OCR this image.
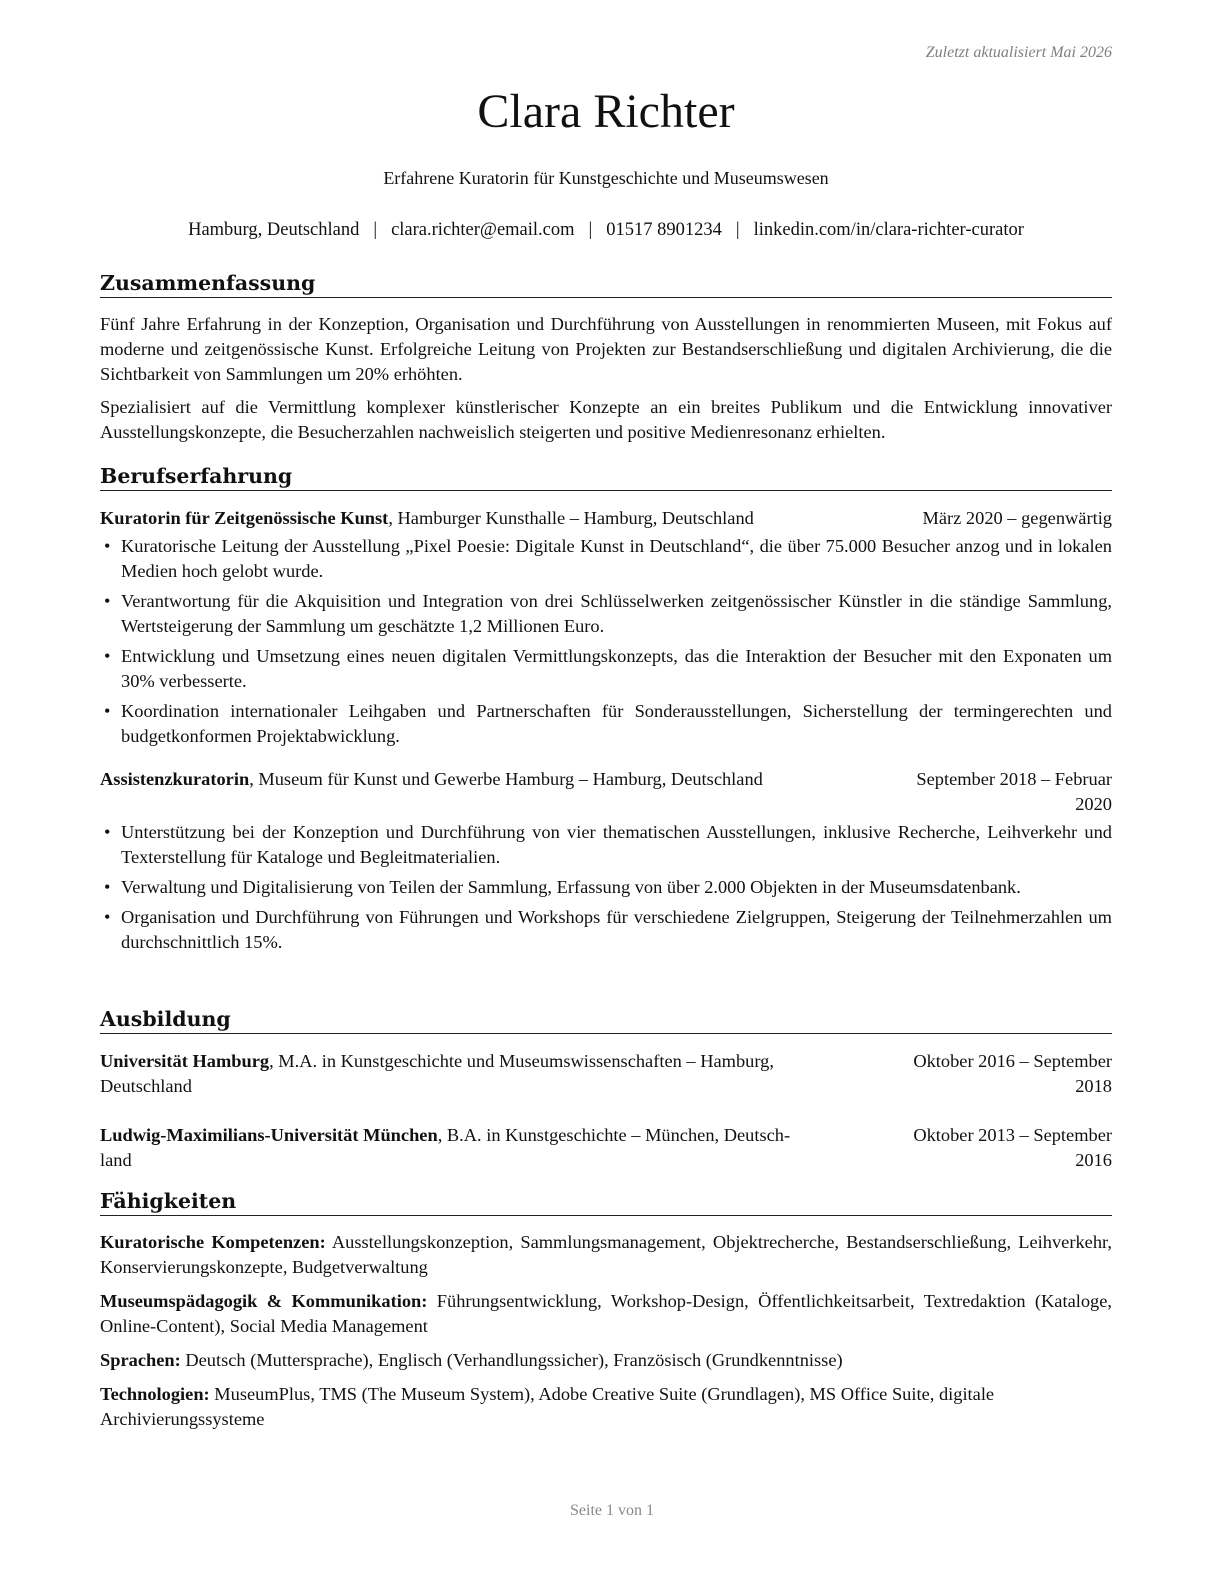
Zuletzt aktualisiert Mai 2026
Clara Richter
Erfahrene Kuratorin für Kunstgeschichte und Museumswesen
Hamburg, Deutschland | clara.richter@email.com | 01517 8901234 | linkedin.com/in/clara-richter-curator
Zusammenfassung

Fünf Jahre Erfahrung in der Konzeption, Organisation und Durchführung von Ausstellungen in renommierten Museen, mit Fokus auf moderne und zeitgenössische Kunst. Erfolgreiche Leitung von Projekten zur Bestandserschließung und digitalen Archivierung, die die Sichtbarkeit von Sammlungen um 20% erhöhten.

Spezialisiert auf die Vermittlung komplexer künstlerischer Konzepte an ein breites Publikum und die Entwicklung innovativer Ausstellungskonzepte, die Besucherzahlen nachweislich steigerten und positive Medienresonanz erhielten.

Berufserfahrung
Kuratorin für Zeitgenössische Kunst, Hamburger Kunsthalle – Hamburg, Deutschland	März 2020 – gegenwärtig
• Kuratorische Leitung der Ausstellung „Pixel Poesie: Digitale Kunst in Deutschland“, die über 75.000 Besucher anzog und in lokalen Medien hoch gelobt wurde.
• Verantwortung für die Akquisition und Integration von drei Schlüsselwerken zeitgenössischer Künstler in die ständige Sammlung, Wertsteigerung der Sammlung um geschätzte 1,2 Millionen Euro.
• Entwicklung und Umsetzung eines neuen digitalen Vermittlungskonzepts, das die Interaktion der Besucher mit den Exponaten um 30% verbesserte.
• Koordination internationaler Leihgaben und Partnerschaften für Sonderausstellungen, Sicherstellung der termingerechten und budgetkonformen Projektabwicklung.
Assistenzkuratorin, Museum für Kunst und Gewerbe Hamburg – Hamburg, Deutschland	September 2018 – Februar
2020
• Unterstützung bei der Konzeption und Durchführung von vier thematischen Ausstellungen, inklusive Recherche, Leihverkehr und Texterstellung für Kataloge und Begleitmaterialien.
• Verwaltung und Digitalisierung von Teilen der Sammlung, Erfassung von über 2.000 Objekten in der Museumsdatenbank.
• Organisation und Durchführung von Führungen und Workshops für verschiedene Zielgruppen, Steigerung der Teilnehmerzahlen um durchschnittlich 15%.
Ausbildung
Universität Hamburg, M.A. in Kunstgeschichte und Museumswissenschaften – Hamburg,
Deutschland
Oktober 2016 – September
2018
Ludwig-Maximilians-Universität München, B.A. in Kunstgeschichte – München, Deutsch-
land
Oktober 2013 – September
2016
Fähigkeiten

Kuratorische Kompetenzen: Ausstellungskonzeption, Sammlungsmanagement, Objektrecherche, Bestandserschließung, Leihverkehr, Konservierungskonzepte, Budgetverwaltung

Museumspädagogik & Kommunikation: Führungsentwicklung, Workshop-Design, Öffentlichkeitsarbeit, Textredaktion (Kataloge, Online-Content), Social Media Management

Sprachen: Deutsch (Muttersprache), Englisch (Verhandlungssicher), Französisch (Grundkenntnisse)

Technologien: MuseumPlus, TMS (The Museum System), Adobe Creative Suite (Grundlagen), MS Office Suite, digitale Archivierungssysteme

Seite 1 von 1
